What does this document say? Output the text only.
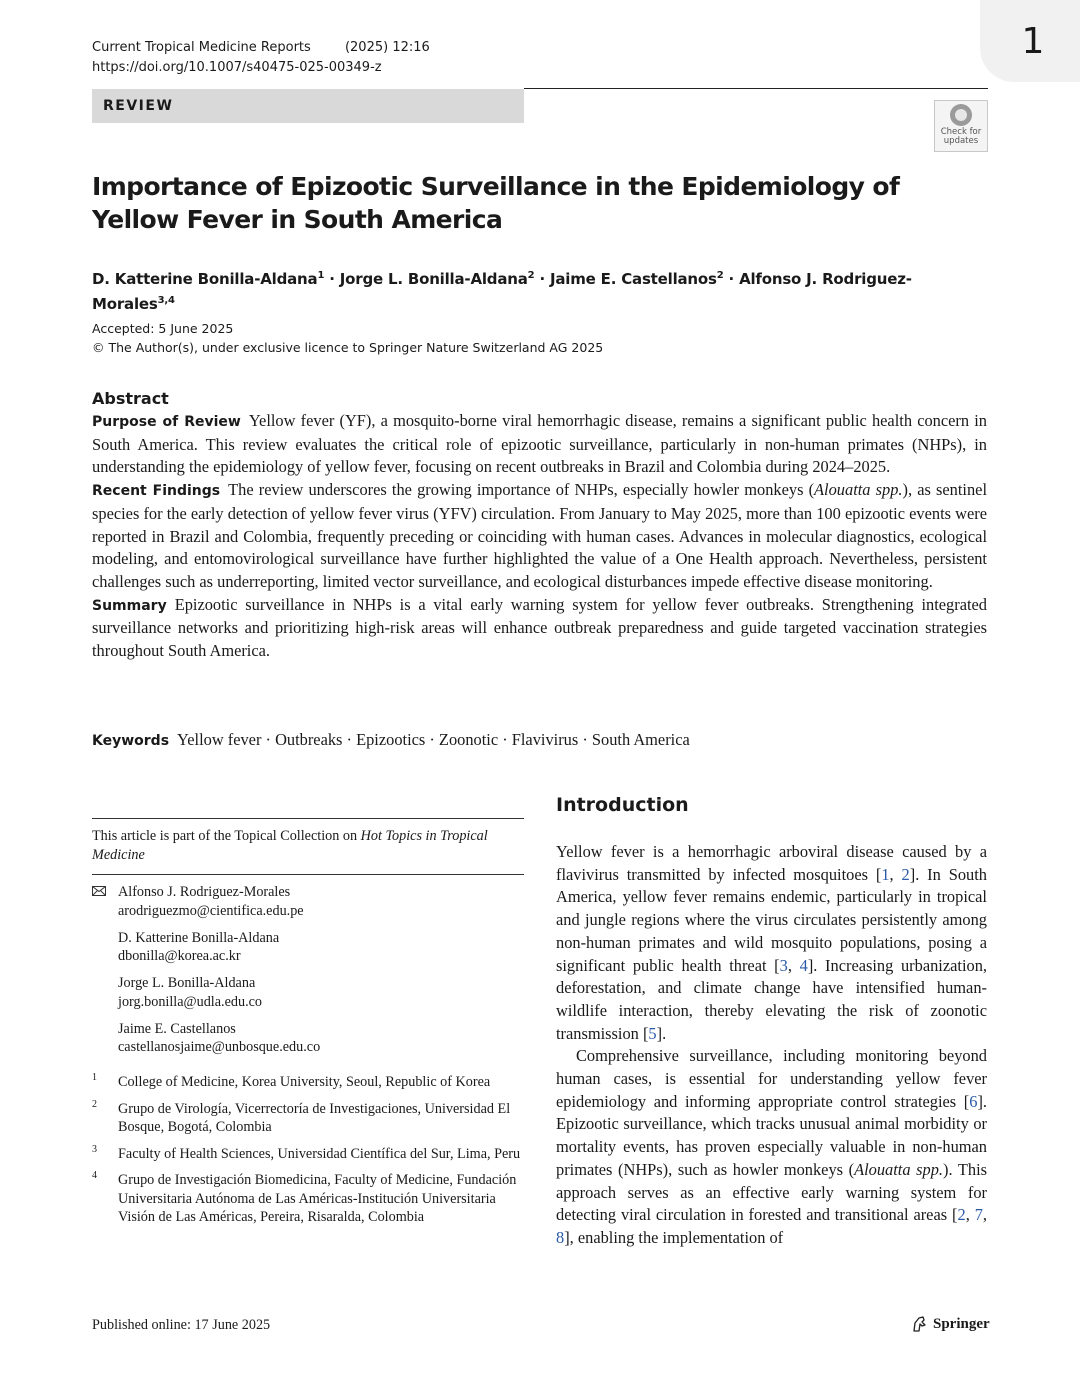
Current Tropical Medicine Reports	(2025) 12:16
https://doi.org/10.1007/s40475-025-00349-z
1
REVIEW
Check for updates
Importance of Epizootic Surveillance in the Epidemiology of Yellow Fever in South America
D. Katterine Bonilla-Aldana$^1$ · Jorge L. Bonilla-Aldana$^2$ · Jaime E. Castellanos$^2$ · Alfonso J. Rodriguez-Morales$^{3,4}$
Accepted: 5 June 2025
© The Author(s), under exclusive licence to Springer Nature Switzerland AG 2025
Abstract

Purpose of Review Yellow fever (YF), a mosquito-borne viral hemorrhagic disease, remains a significant public health concern in South America. This review evaluates the critical role of epizootic surveillance, particularly in non-human primates (NHPs), in understanding the epidemiology of yellow fever, focusing on recent outbreaks in Brazil and Colombia during 2024–2025.

Recent Findings The review underscores the growing importance of NHPs, especially howler monkeys (Alouatta spp.), as sentinel species for the early detection of yellow fever virus (YFV) circulation. From January to May 2025, more than 100 epizootic events were reported in Brazil and Colombia, frequently preceding or coinciding with human cases. Advances in molecular diagnostics, ecological modeling, and entomovirological surveillance have further highlighted the value of a One Health approach. Nevertheless, persistent challenges such as underreporting, limited vector surveillance, and ecological disturbances impede effective disease monitoring.

Summary Epizootic surveillance in NHPs is a vital early warning system for yellow fever outbreaks. Strengthening integrated surveillance networks and prioritizing high-risk areas will enhance outbreak preparedness and guide targeted vaccination strategies throughout South America.

Keywords Yellow fever · Outbreaks · Epizootics · Zoonotic · Flavivirus · South America
This article is part of the Topical Collection on Hot Topics in Tropical Medicine
Alfonso J. Rodriguez-Morales
arodriguezmo@cientifica.edu.pe
D. Katterine Bonilla-Aldana
dbonilla@korea.ac.kr
Jorge L. Bonilla-Aldana
jorg.bonilla@udla.edu.co
Jaime E. Castellanos
castellanosjaime@unbosque.edu.co
1 College of Medicine, Korea University, Seoul, Republic of Korea
2 Grupo de Virología, Vicerrectoría de Investigaciones, Universidad El Bosque, Bogotá, Colombia
3 Faculty of Health Sciences, Universidad Científica del Sur, Lima, Peru
4 Grupo de Investigación Biomedicina, Faculty of Medicine, Fundación Universitaria Autónoma de Las Américas-Institución Universitaria Visión de Las Américas, Pereira, Risaralda, Colombia
Published online: 17 June 2025
Introduction

Yellow fever is a hemorrhagic arboviral disease caused by a flavivirus transmitted by infected mosquitoes [1, 2]. In South America, yellow fever remains endemic, particularly in tropical and jungle regions where the virus circulates persistently among non-human primates and wild mosquito populations, posing a significant public health threat [3, 4]. Increasing urbanization, deforestation, and climate change have intensified human-wildlife interaction, thereby elevating the risk of zoonotic transmission [5].

Comprehensive surveillance, including monitoring beyond human cases, is essential for understanding yellow fever epidemiology and informing appropriate control strategies [6]. Epizootic surveillance, which tracks unusual animal morbidity or mortality events, has proven especially valuable in non-human primates (NHPs), such as howler monkeys (Alouatta spp.). This approach serves as an effective early warning system for detecting viral circulation in forested and transitional areas [2, 7, 8], enabling the implementation of

Springer
